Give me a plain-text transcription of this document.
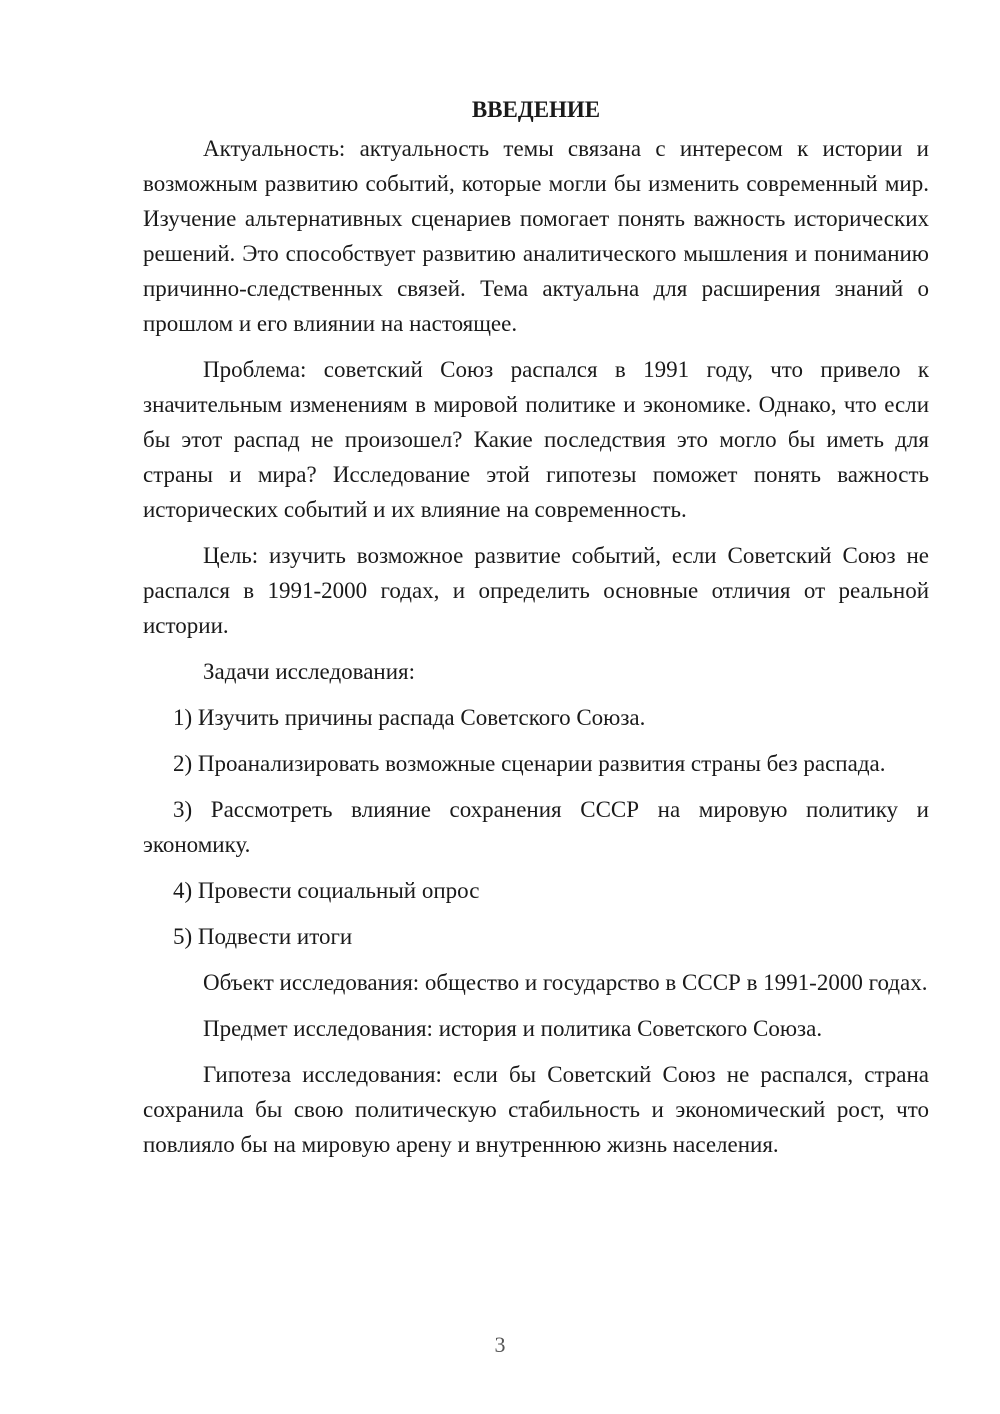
ВВЕДЕНИЕ

Актуальность: актуальность темы связана с интересом к истории и возможным развитию событий, которые могли бы изменить современный мир. Изучение альтернативных сценариев помогает понять важность исторических решений. Это способствует развитию аналитического мышления и пониманию причинно-следственных связей. Тема актуальна для расширения знаний о прошлом и его влиянии на настоящее.

Проблема: советский Союз распался в 1991 году, что привело к значительным изменениям в мировой политике и экономике. Однако, что если бы этот распад не произошел? Какие последствия это могло бы иметь для страны и мира? Исследование этой гипотезы поможет понять важность исторических событий и их влияние на современность.

Цель: изучить возможное развитие событий, если Советский Союз не распался в 1991-2000 годах, и определить основные отличия от реальной истории.

Задачи исследования:

1) Изучить причины распада Советского Союза.

2) Проанализировать возможные сценарии развития страны без распада.

3) Рассмотреть влияние сохранения СССР на мировую политику и экономику.

4) Провести социальный опрос

5) Подвести итоги

Объект исследования: общество и государство в СССР в 1991-2000 годах.

Предмет исследования: история и политика Советского Союза.

Гипотеза исследования: если бы Советский Союз не распался, страна сохранила бы свою политическую стабильность и экономический рост, что повлияло бы на мировую арену и внутреннюю жизнь населения.

3
